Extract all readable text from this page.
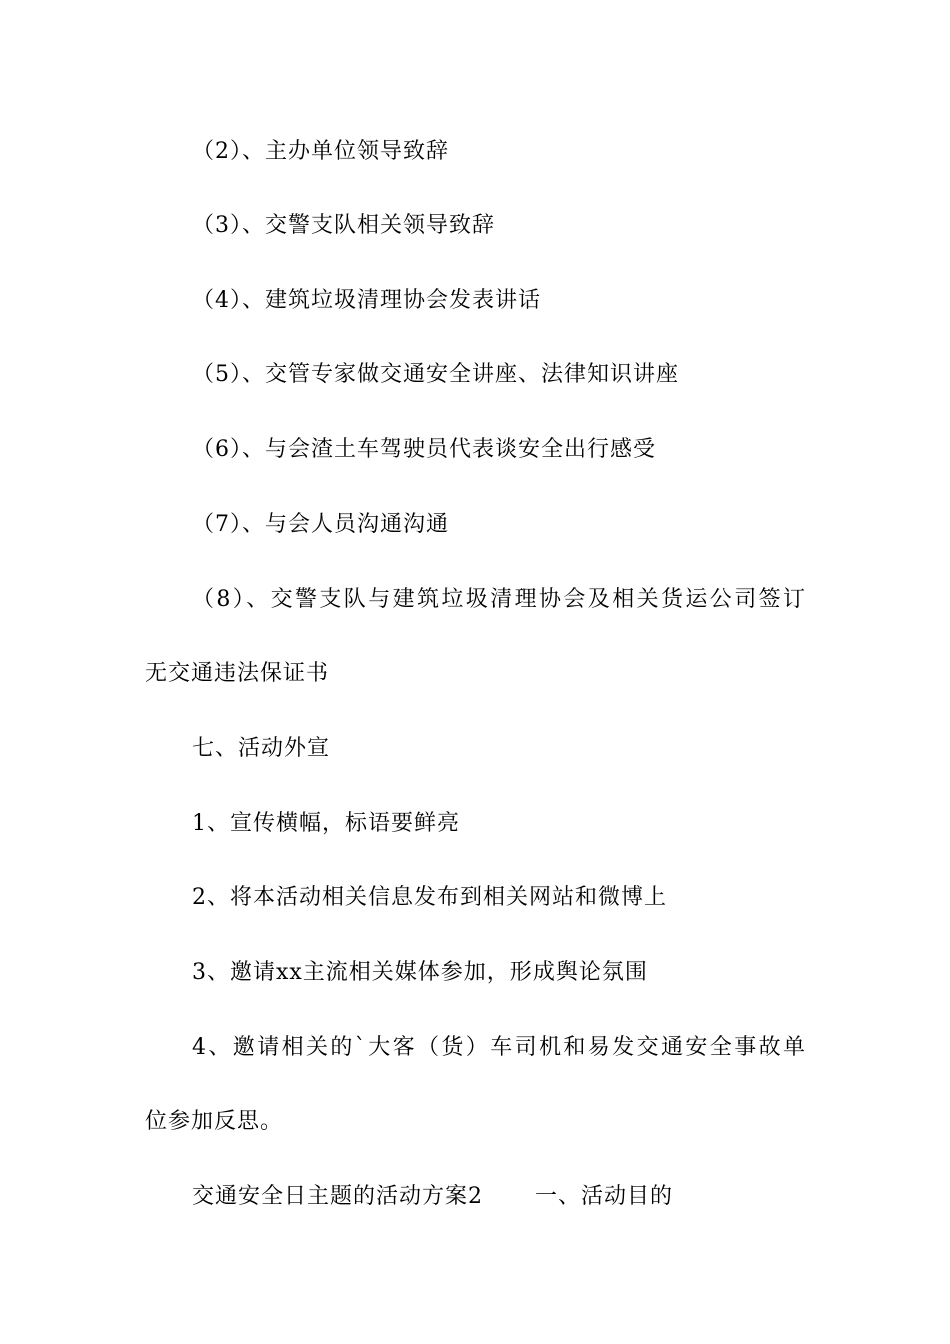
（2）、主办单位领导致辞
（3）、交警支队相关领导致辞
（4）、建筑垃圾清理协会发表讲话
（5）、交管专家做交通安全讲座、法律知识讲座
（6）、与会渣土车驾驶员代表谈安全出行感受
（7）、与会人员沟通沟通
（8）、交警支队与建筑垃圾清理协会及相关货运公司签订
无交通违法保证书
七、活动外宣
1、宣传横幅，标语要鲜亮
2、将本活动相关信息发布到相关网站和微博上
3、邀请xx主流相关媒体参加，形成舆论氛围
4、邀请相关的`大客（货）车司机和易发交通安全事故单
位参加反思。
交通安全日主题的活动方案2 一、活动目的
